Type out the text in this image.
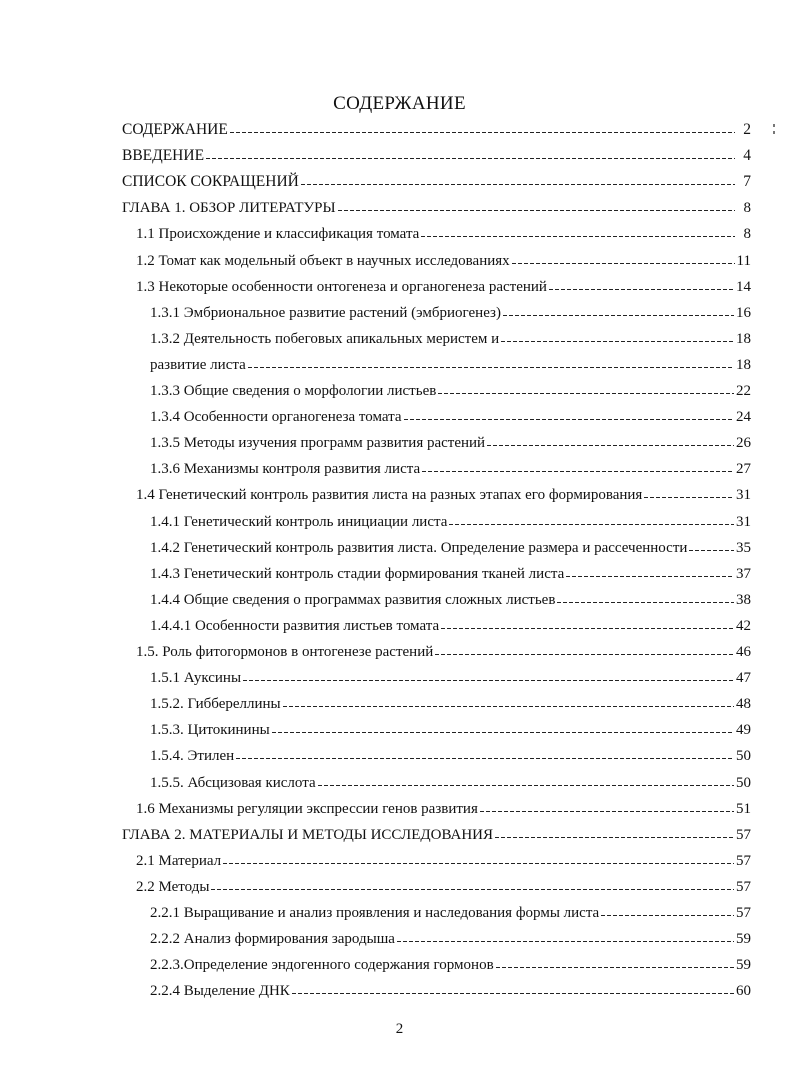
СОДЕРЖАНИЕ
СОДЕРЖАНИЕ	2
ВВЕДЕНИЕ	4
СПИСОК СОКРАЩЕНИЙ	7
ГЛАВА 1. ОБЗОР ЛИТЕРАТУРЫ	8
1.1 Происхождение и классификация томата	8
1.2 Томат как модельный объект в научных исследованиях	11
1.3 Некоторые особенности онтогенеза и органогенеза растений	14
1.3.1 Эмбриональное развитие растений (эмбриогенез)	16
1.3.2 Деятельность побеговых апикальных меристем и	18
развитие листа	18
1.3.3 Общие сведения о морфологии листьев	22
1.3.4 Особенности органогенеза томата	24
1.3.5 Методы изучения программ развития растений	26
1.3.6 Механизмы контроля развития листа	27
1.4 Генетический контроль развития листа на разных этапах его формирования	31
1.4.1 Генетический контроль инициации листа	31
1.4.2 Генетический контроль развития листа. Определение размера и рассеченности	35
1.4.3 Генетический контроль стадии формирования тканей листа	37
1.4.4 Общие сведения о программах развития сложных листьев	38
1.4.4.1 Особенности развития листьев томата	42
1.5. Роль фитогормонов в онтогенезе растений	46
1.5.1 Ауксины	47
1.5.2. Гиббереллины	48
1.5.3. Цитокинины	49
1.5.4. Этилен	50
1.5.5. Абсцизовая кислота	50
1.6 Механизмы регуляции экспрессии генов развития	51
ГЛАВА 2. МАТЕРИАЛЫ И МЕТОДЫ ИССЛЕДОВАНИЯ	57
2.1 Материал	57
2.2 Методы	57
2.2.1 Выращивание и анализ проявления и наследования формы листа	57
2.2.2 Анализ формирования зародыша	59
2.2.3.Определение эндогенного содержания гормонов	59
2.2.4 Выделение ДНК	60
2
